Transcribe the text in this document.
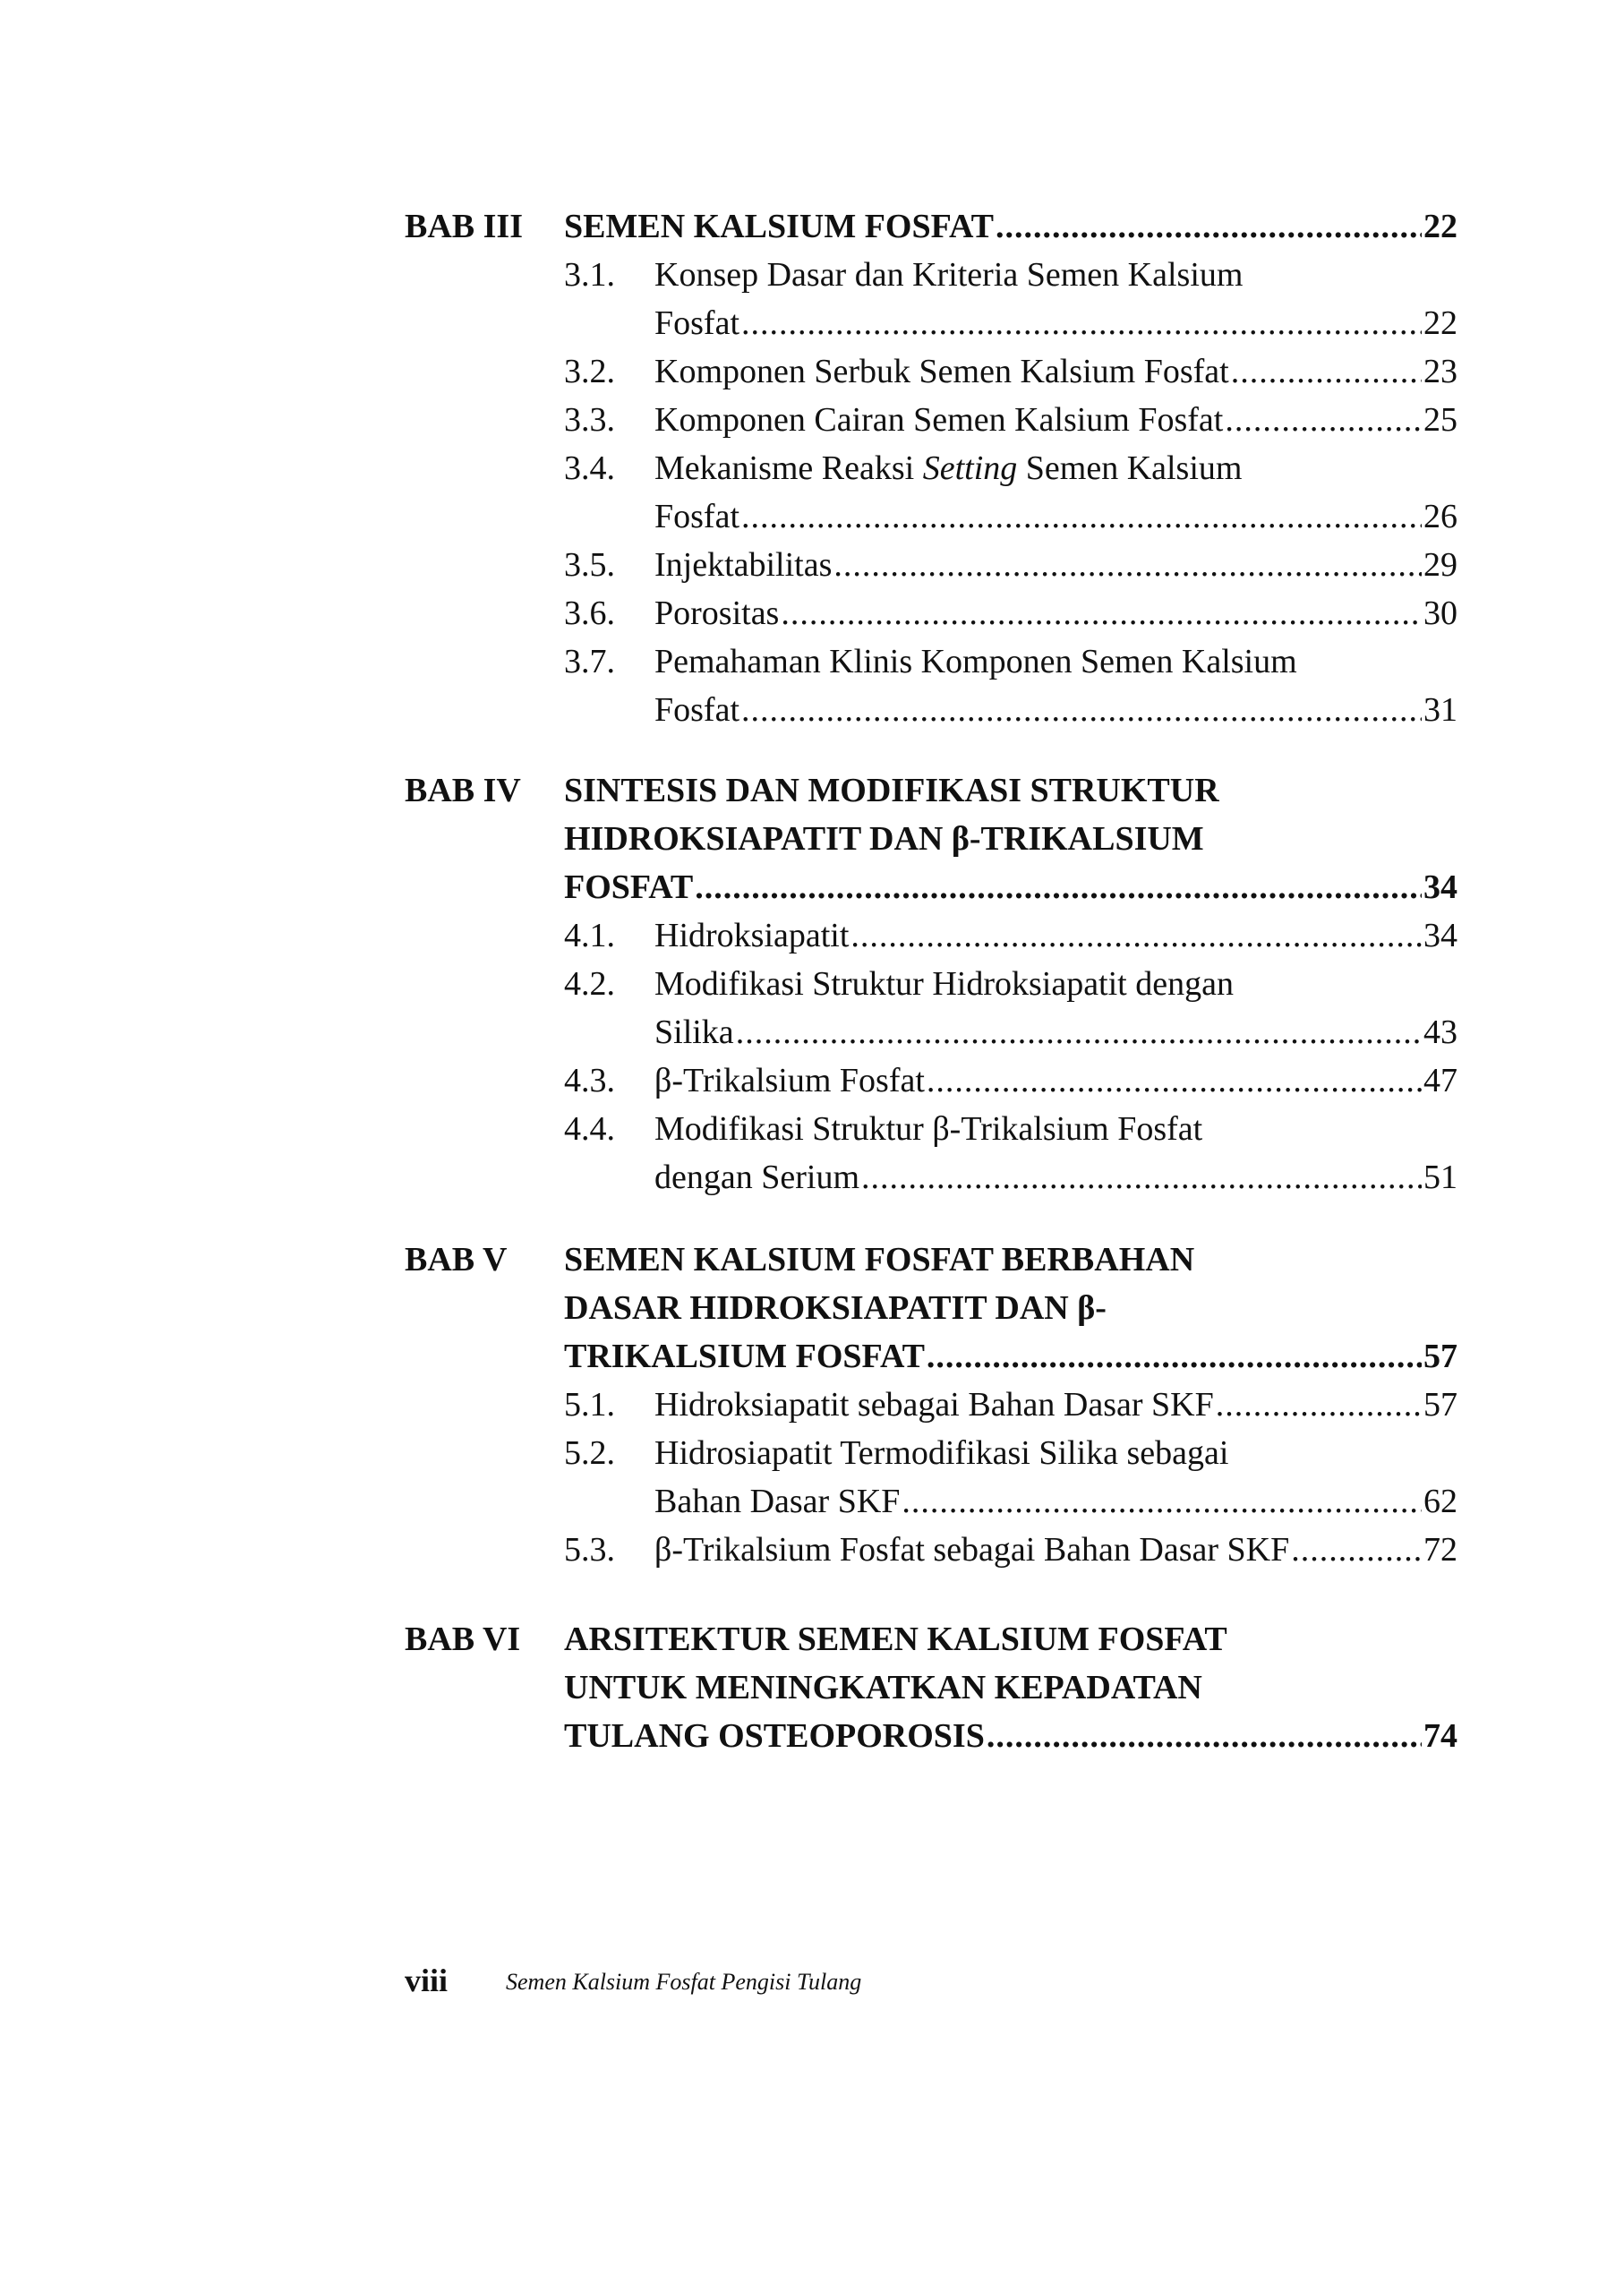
BAB III SEMEN KALSIUM FOSFAT .....	22
3.1. Konsep Dasar dan Kriteria Semen Kalsium
Fosfat .....	22
3.2. Komponen Serbuk Semen Kalsium Fosfat .....	23
3.3. Komponen Cairan Semen Kalsium Fosfat .....	25
3.4. Mekanisme Reaksi Setting Semen Kalsium
Fosfat .....	26
3.5. Injektabilitas .....	29
3.6. Porositas .....	30
3.7. Pemahaman Klinis Komponen Semen Kalsium
Fosfat .....	31
BAB IV SINTESIS DAN MODIFIKASI STRUKTUR
HIDROKSIAPATIT DAN β-TRIKALSIUM
FOSFAT .....	34
4.1. Hidroksiapatit .....	34
4.2. Modifikasi Struktur Hidroksiapatit dengan
Silika .....	43
4.3. β-Trikalsium Fosfat .....	47
4.4. Modifikasi Struktur β-Trikalsium Fosfat
dengan Serium .....	51
BAB V SEMEN KALSIUM FOSFAT BERBAHAN
DASAR HIDROKSIAPATIT DAN β-
TRIKALSIUM FOSFAT .....	57
5.1. Hidroksiapatit sebagai Bahan Dasar SKF .....	57
5.2. Hidrosiapatit Termodifikasi Silika sebagai
Bahan Dasar SKF .....	62
5.3. β-Trikalsium Fosfat sebagai Bahan Dasar SKF .....	72
BAB VI ARSITEKTUR SEMEN KALSIUM FOSFAT
UNTUK MENINGKATKAN KEPADATAN
TULANG OSTEOPOROSIS .....	74
viii Semen Kalsium Fosfat Pengisi Tulang
